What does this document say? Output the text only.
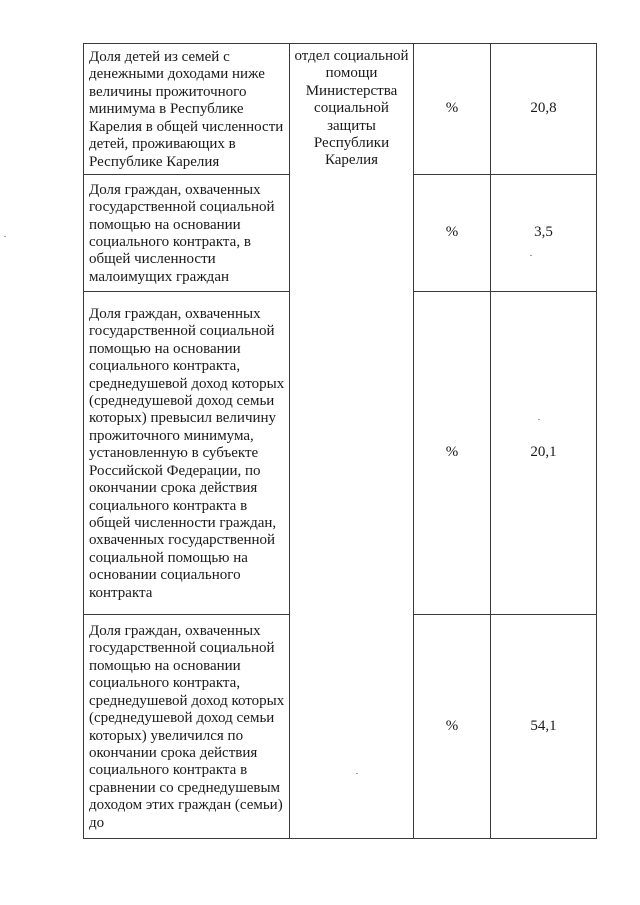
Доля детей из семей с денежными доходами ниже величины прожиточного минимума в Республике Карелия в общей численности детей, проживающих в Республике Карелия	отдел социальной помощи Министерства социальной защиты Республики Карелия	%	20,8
Доля граждан, охваченных государственной социальной помощью на основании социального контракта, в общей численности малоимущих граждан		%	3,5
Доля граждан, охваченных государственной социальной помощью на основании социального контракта, среднедушевой доход которых (среднедушевой доход семьи которых) превысил величину прожиточного минимума, установленную в субъекте Российской Федерации, по окончании срока действия социального контракта в общей численности граждан, охваченных государственной социальной помощью на основании социального контракта		%	20,1
Доля граждан, охваченных государственной социальной помощью на основании социального контракта, среднедушевой доход которых (среднедушевой доход семьи которых) увеличился по окончании срока действия социального контракта в сравнении со среднедушевым доходом этих граждан (семьи) до		%	54,1
